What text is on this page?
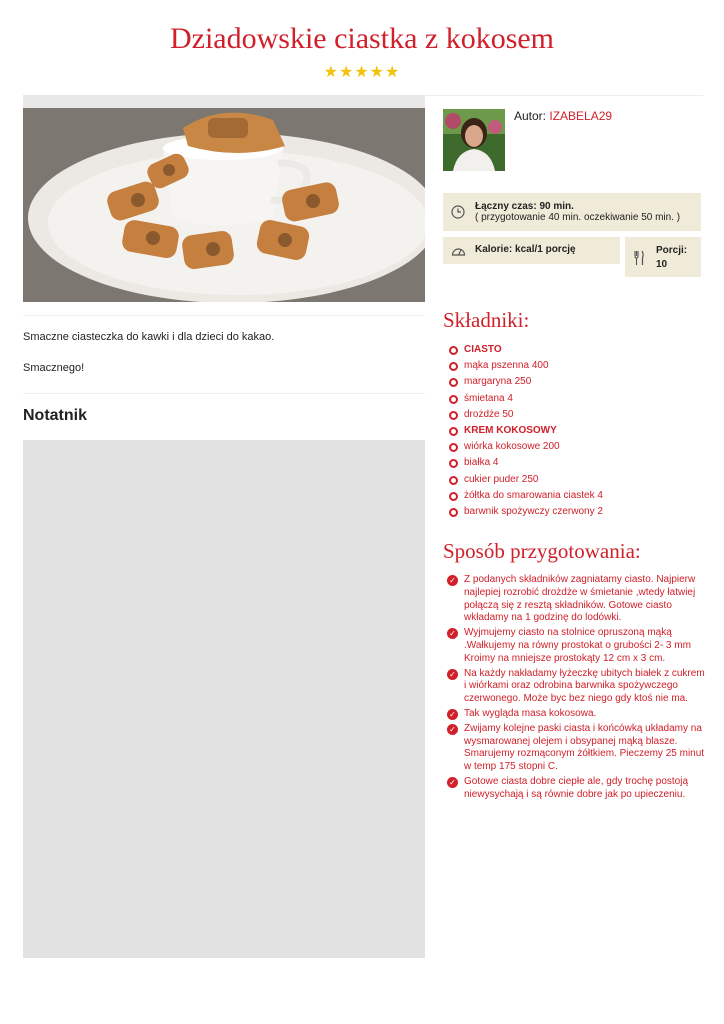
Dziadowskie ciastka z kokosem
★★★★★

Smaczne ciasteczka do kawki i dla dzieci do kakao.

Smacznego!

Notatnik
Autor: IZABELA29
Łączny czas: 90 min.
( przygotowanie 40 min. oczekiwanie 50 min. )
Kalorie: kcal/1 porcję	Porcji:
10
Składniki:
CIASTO
mąka pszenna 400
margaryna 250
śmietana 4
drożdże 50
KREM KOKOSOWY
wiórka kokosowe 200
białka 4
cukier puder 250
żółtka do smarowania ciastek 4
barwnik spożywczy czerwony 2
Sposób przygotowania:
✓ Z podanych składników zagniatamy ciasto. Najpierw najlepiej rozrobić drożdże w śmietanie ,wtedy łatwiej połączą się z resztą składników. Gotowe ciasto wkładamy na 1 godzinę do lodówki.
✓ Wyjmujemy ciasto na stolnice opruszoną mąką .Wałkujemy na równy prostokat o grubości 2- 3 mm Kroimy na mniejsze prostokąty 12 cm x 3 cm.
✓ Na każdy nakładamy łyżeczkę ubitych białek z cukrem i wiórkami oraz odrobina barwnika spożywczego czerwonego. Może byc bez niego gdy ktoś nie ma.
✓ Tak wygląda masa kokosowa.
✓ Zwijamy kolejne paski ciasta i końcówką układamy na wysmarowanej olejem i obsypanej mąką blasze. Smarujemy rozmąconym żółtkiem. Pieczemy 25 minut w temp 175 stopni C.
✓ Gotowe ciasta dobre ciepłe ale, gdy trochę postoją niewysychają i są równie dobre jak po upieczeniu.
